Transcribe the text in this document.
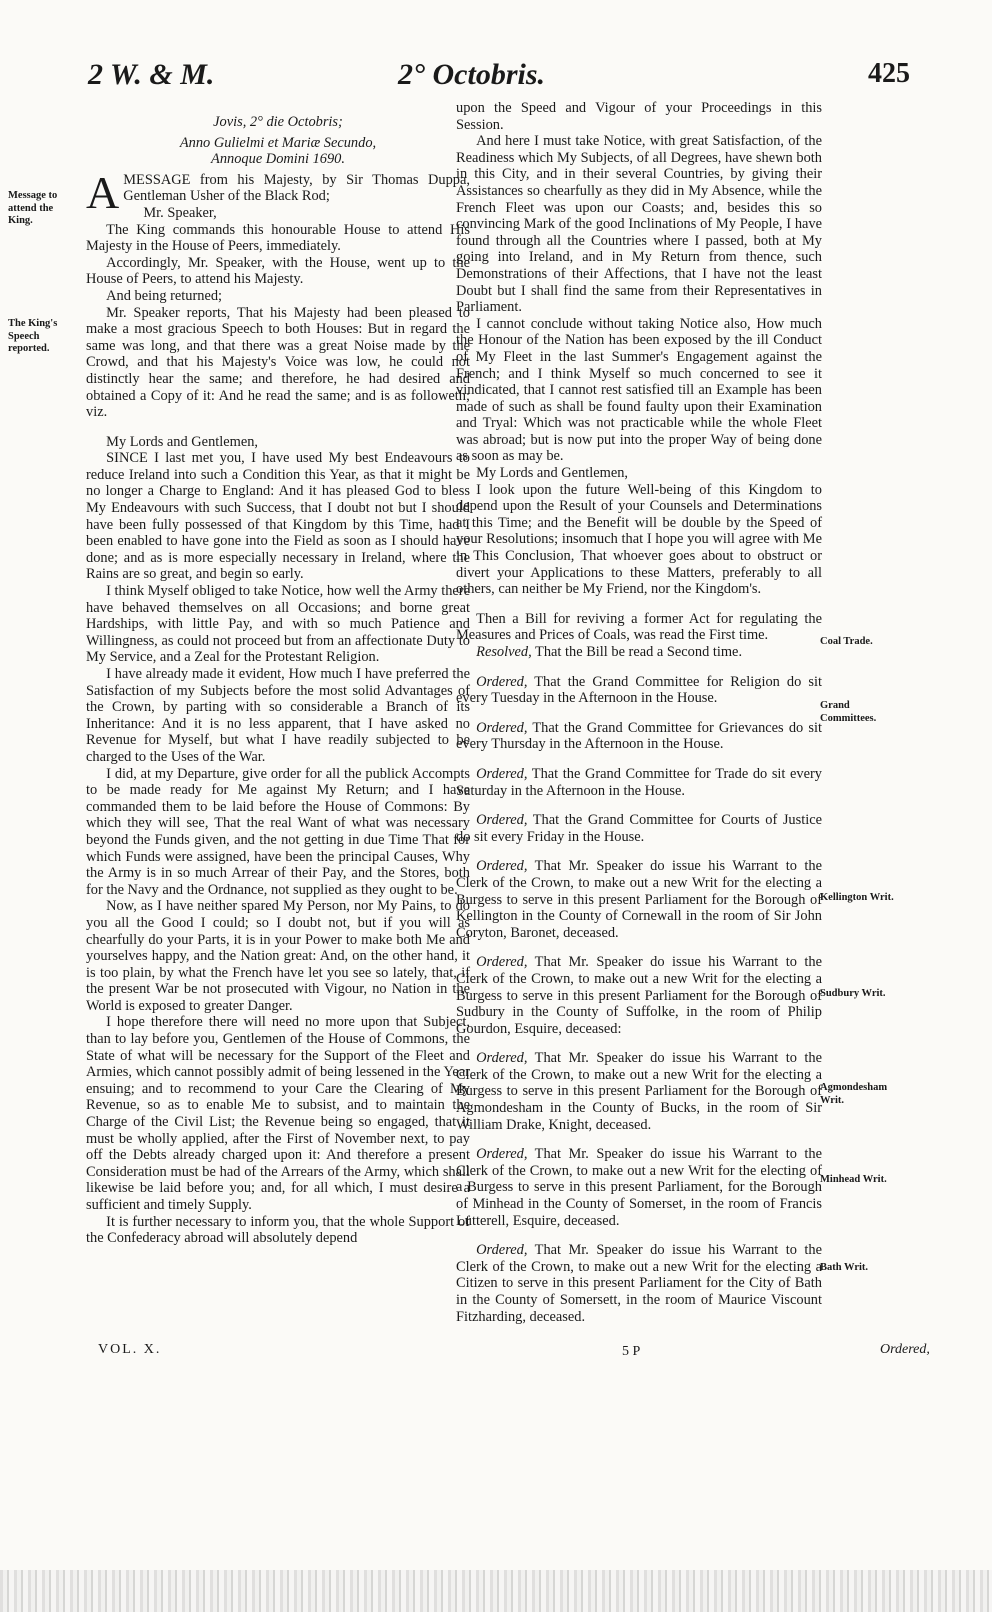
2 W. & M.	2° Octobris.	425
Message to attend the King.
The King's Speech reported.
Coal Trade.
Grand Committees.
Kellington Writ.
Sudbury Writ.
Agmondesham Writ.
Minhead Writ.
Bath Writ.

Jovis, 2° die Octobris;

Anno Gulielmi et Mariæ Secundo,

Annoque Domini 1690.

A MESSAGE from his Majesty, by Sir Thomas Duppa, Gentleman Usher of the Black Rod;

Mr. Speaker,

The King commands this honourable House to attend His Majesty in the House of Peers, immediately.

Accordingly, Mr. Speaker, with the House, went up to the House of Peers, to attend his Majesty.

And being returned;

Mr. Speaker reports, That his Majesty had been pleased to make a most gracious Speech to both Houses: But in regard the same was long, and that there was a great Noise made by the Crowd, and that his Majesty's Voice was low, he could not distinctly hear the same; and therefore, he had desired and obtained a Copy of it: And he read the same; and is as followeth; viz.

My Lords and Gentlemen,

SINCE I last met you, I have used My best Endeavours to reduce Ireland into such a Condition this Year, as that it might be no longer a Charge to England: And it has pleased God to bless My Endeavours with such Success, that I doubt not but I should have been fully possessed of that Kingdom by this Time, had I been enabled to have gone into the Field as soon as I should have done; and as is more especially necessary in Ireland, where the Rains are so great, and begin so early.

I think Myself obliged to take Notice, how well the Army there have behaved themselves on all Occasions; and borne great Hardships, with little Pay, and with so much Patience and Willingness, as could not proceed but from an affectionate Duty to My Service, and a Zeal for the Protestant Religion.

I have already made it evident, How much I have preferred the Satisfaction of my Subjects before the most solid Advantages of the Crown, by parting with so considerable a Branch of its Inheritance: And it is no less apparent, that I have asked no Revenue for Myself, but what I have readily subjected to be charged to the Uses of the War.

I did, at my Departure, give order for all the publick Accompts to be made ready for Me against My Return; and I have commanded them to be laid before the House of Commons: By which they will see, That the real Want of what was necessary beyond the Funds given, and the not getting in due Time That for which Funds were assigned, have been the principal Causes, Why the Army is in so much Arrear of their Pay, and the Stores, both for the Navy and the Ordnance, not supplied as they ought to be.

Now, as I have neither spared My Person, nor My Pains, to do you all the Good I could; so I doubt not, but if you will as chearfully do your Parts, it is in your Power to make both Me and yourselves happy, and the Nation great: And, on the other hand, it is too plain, by what the French have let you see so lately, that, if the present War be not prosecuted with Vigour, no Nation in the World is exposed to greater Danger.

I hope therefore there will need no more upon that Subject, than to lay before you, Gentlemen of the House of Commons, the State of what will be necessary for the Support of the Fleet and Armies, which cannot possibly admit of being lessened in the Year ensuing; and to recommend to your Care the Clearing of My Revenue, so as to enable Me to subsist, and to maintain the Charge of the Civil List; the Revenue being so engaged, that it must be wholly applied, after the First of November next, to pay off the Debts already charged upon it: And therefore a present Consideration must be had of the Arrears of the Army, which shall likewise be laid before you; and, for all which, I must desire a sufficient and timely Supply.

It is further necessary to inform you, that the whole Support of the Confederacy abroad will absolutely depend

upon the Speed and Vigour of your Proceedings in this Session.

And here I must take Notice, with great Satisfaction, of the Readiness which My Subjects, of all Degrees, have shewn both in this City, and in their several Countries, by giving their Assistances so chearfully as they did in My Absence, while the French Fleet was upon our Coasts; and, besides this so convincing Mark of the good Inclinations of My People, I have found through all the Countries where I passed, both at My going into Ireland, and in My Return from thence, such Demonstrations of their Affections, that I have not the least Doubt but I shall find the same from their Representatives in Parliament.

I cannot conclude without taking Notice also, How much the Honour of the Nation has been exposed by the ill Conduct of My Fleet in the last Summer's Engagement against the French; and I think Myself so much concerned to see it vindicated, that I cannot rest satisfied till an Example has been made of such as shall be found faulty upon their Examination and Tryal: Which was not practicable while the whole Fleet was abroad; but is now put into the proper Way of being done as soon as may be.

My Lords and Gentlemen,

I look upon the future Well-being of this Kingdom to depend upon the Result of your Counsels and Determinations at this Time; and the Benefit will be double by the Speed of your Resolutions; insomuch that I hope you will agree with Me in This Conclusion, That whoever goes about to obstruct or divert your Applications to these Matters, preferably to all others, can neither be My Friend, nor the Kingdom's.

Then a Bill for reviving a former Act for regulating the Measures and Prices of Coals, was read the First time.

Resolved, That the Bill be read a Second time.

Ordered, That the Grand Committee for Religion do sit every Tuesday in the Afternoon in the House.

Ordered, That the Grand Committee for Grievances do sit every Thursday in the Afternoon in the House.

Ordered, That the Grand Committee for Trade do sit every Saturday in the Afternoon in the House.

Ordered, That the Grand Committee for Courts of Justice do sit every Friday in the House.

Ordered, That Mr. Speaker do issue his Warrant to the Clerk of the Crown, to make out a new Writ for the electing a Burgess to serve in this present Parliament for the Borough of Kellington in the County of Cornewall in the room of Sir John Coryton, Baronet, deceased.

Ordered, That Mr. Speaker do issue his Warrant to the Clerk of the Crown, to make out a new Writ for the electing a Burgess to serve in this present Parliament for the Borough of Sudbury in the County of Suffolke, in the room of Philip Gourdon, Esquire, deceased:

Ordered, That Mr. Speaker do issue his Warrant to the Clerk of the Crown, to make out a new Writ for the electing a Burgess to serve in this present Parliament for the Borough of Agmondesham in the County of Bucks, in the room of Sir William Drake, Knight, deceased.

Ordered, That Mr. Speaker do issue his Warrant to the Clerk of the Crown, to make out a new Writ for the electing of a Burgess to serve in this present Parliament, for the Borough of Minhead in the County of Somerset, in the room of Francis Lutterell, Esquire, deceased.

Ordered, That Mr. Speaker do issue his Warrant to the Clerk of the Crown, to make out a new Writ for the electing a Citizen to serve in this present Parliament for the City of Bath in the County of Somersett, in the room of Maurice Viscount Fitzharding, deceased.

VOL. X.	5 P	Ordered,
